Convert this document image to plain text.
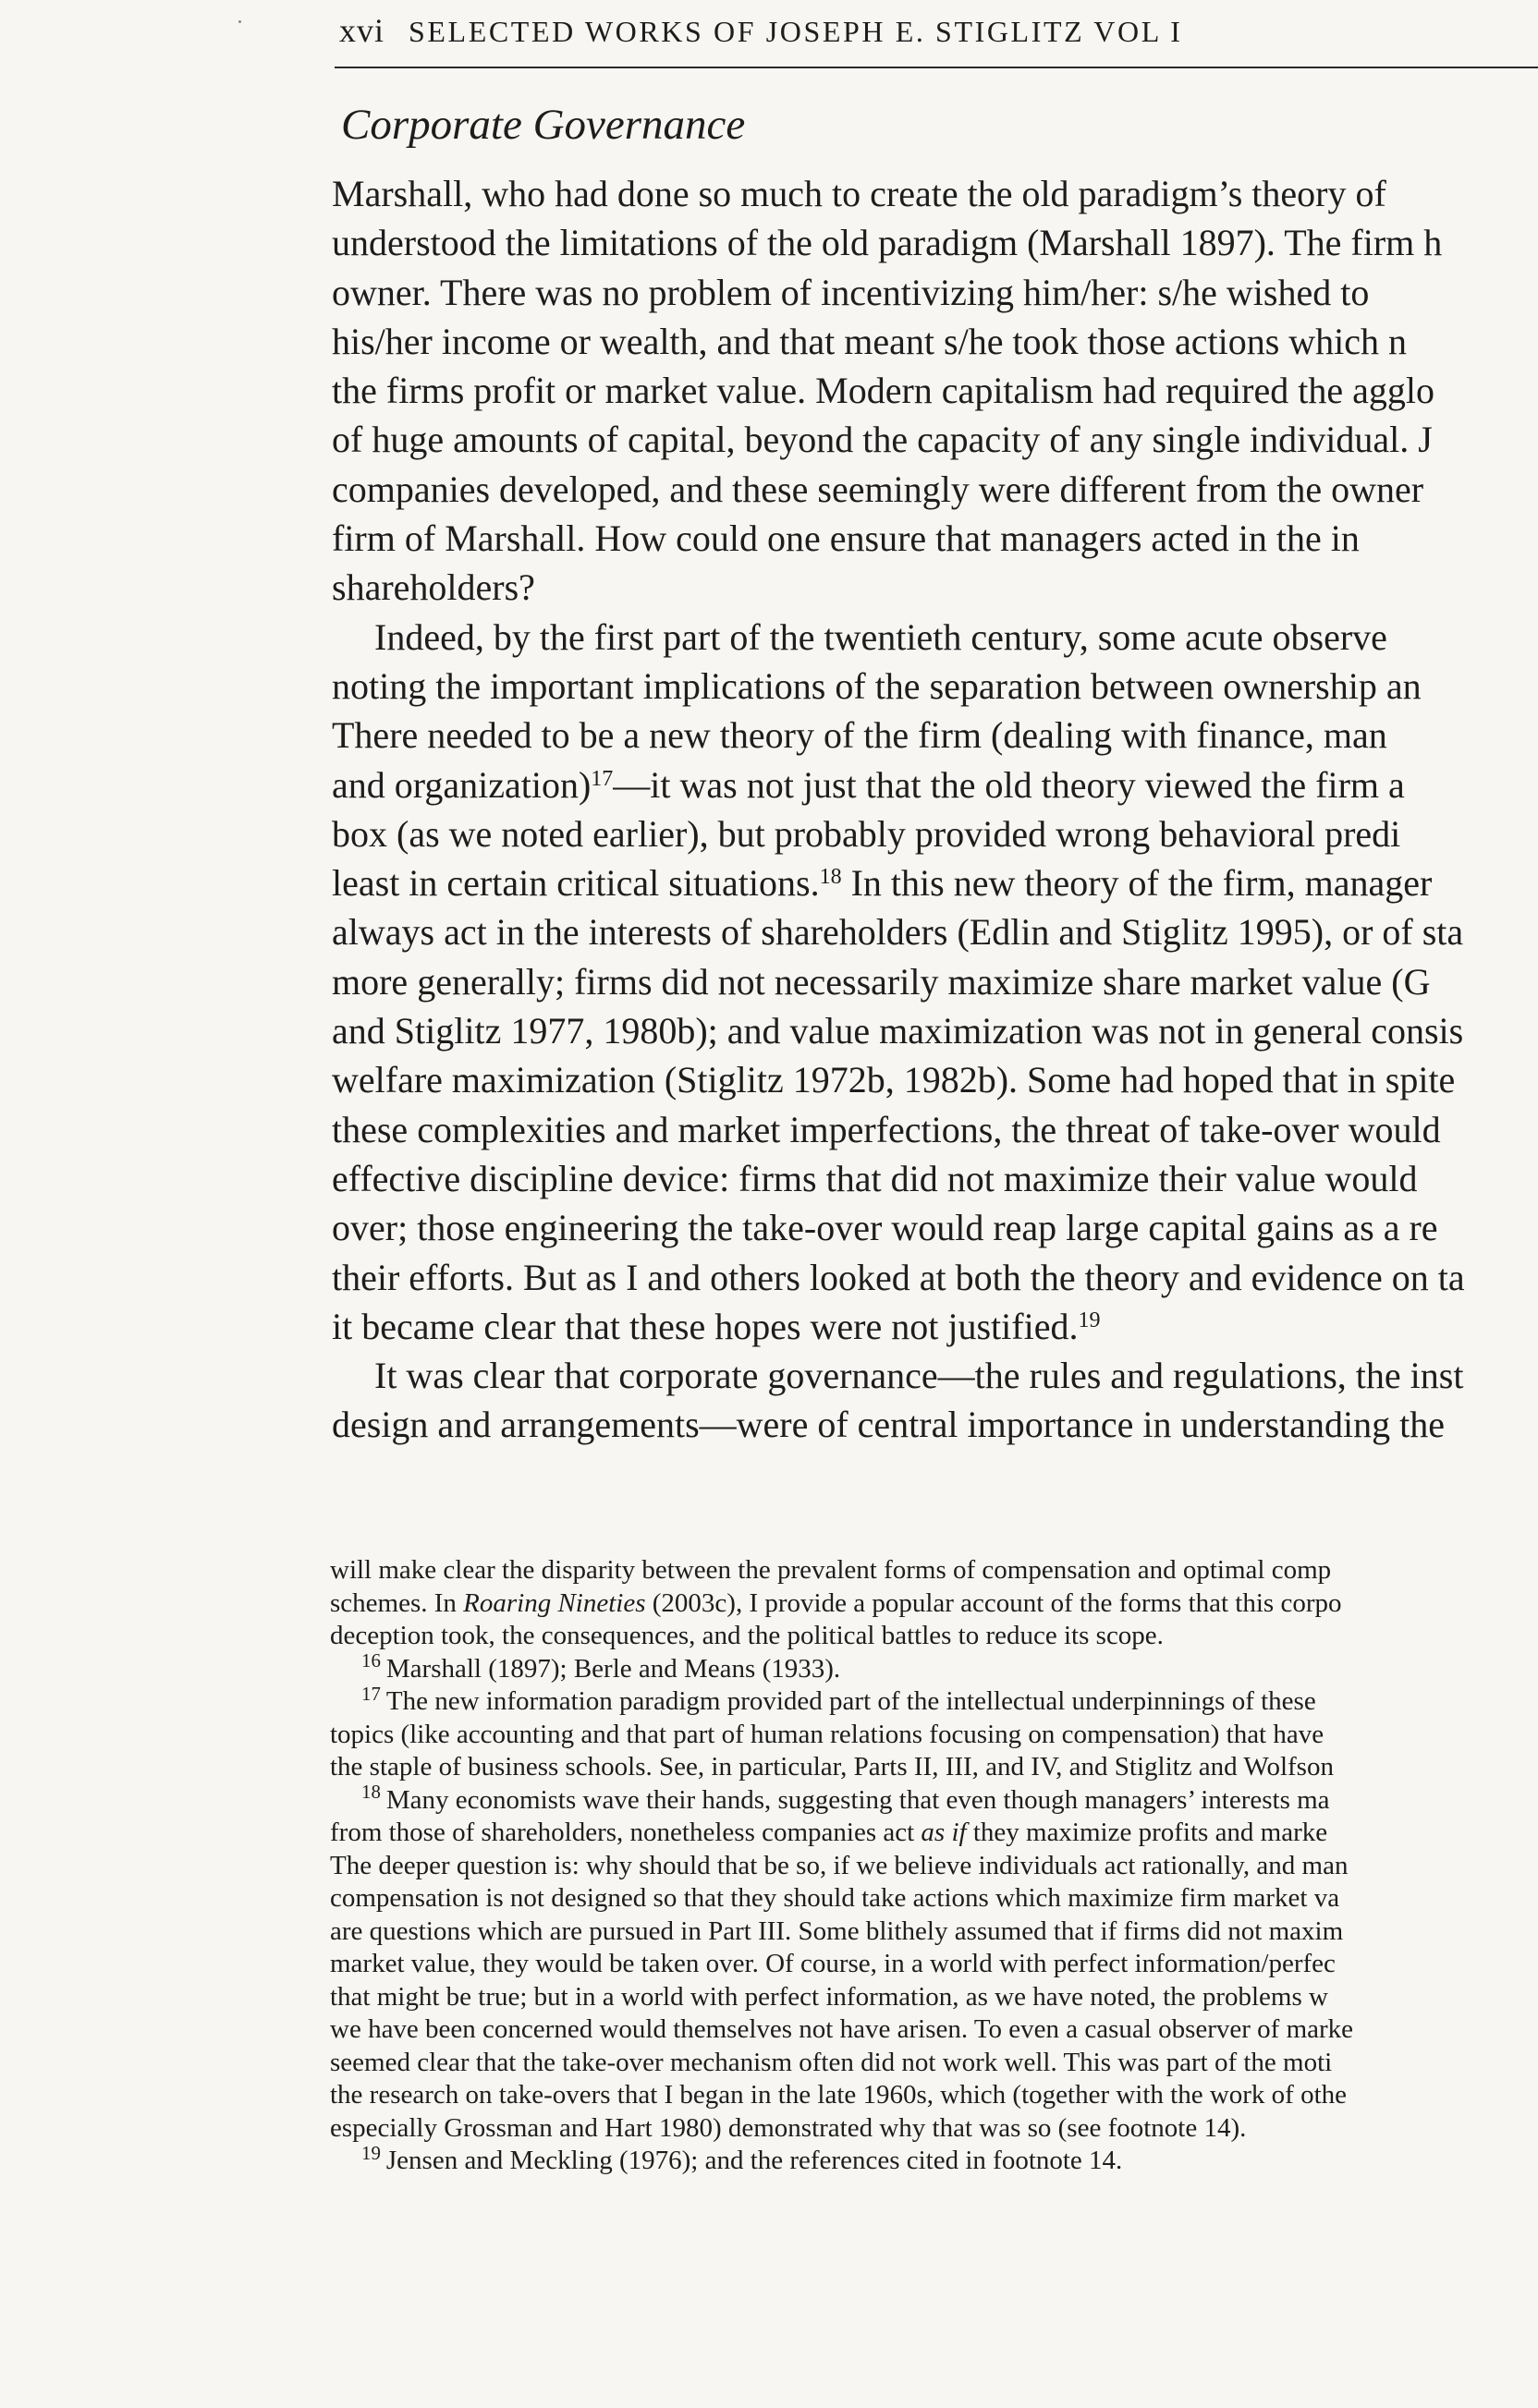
xvi SELECTED WORKS OF JOSEPH E. STIGLITZ VOL I
Corporate Governance
Marshall, who had done so much to create the old paradigm’s theory of
understood the limitations of the old paradigm (Marshall 1897). The firm h
owner. There was no problem of incentivizing him/her: s/he wished to
his/her income or wealth, and that meant s/he took those actions which n
the firms profit or market value. Modern capitalism had required the agglo
of huge amounts of capital, beyond the capacity of any single individual. J
companies developed, and these seemingly were different from the owner
firm of Marshall. How could one ensure that managers acted in the in
shareholders?
Indeed, by the first part of the twentieth century, some acute observe
noting the important implications of the separation between ownership an
There needed to be a new theory of the firm (dealing with finance, man
and organization)$^{17}$—it was not just that the old theory viewed the firm a
box (as we noted earlier), but probably provided wrong behavioral predi
least in certain critical situations.$^{18}$ In this new theory of the firm, manager
always act in the interests of shareholders (Edlin and Stiglitz 1995), or of sta
more generally; firms did not necessarily maximize share market value (G
and Stiglitz 1977, 1980b); and value maximization was not in general consis
welfare maximization (Stiglitz 1972b, 1982b). Some had hoped that in spite
these complexities and market imperfections, the threat of take-over would
effective discipline device: firms that did not maximize their value would
over; those engineering the take-over would reap large capital gains as a re
their efforts. But as I and others looked at both the theory and evidence on ta
it became clear that these hopes were not justified.$^{19}$
It was clear that corporate governance—the rules and regulations, the inst
design and arrangements—were of central importance in understanding the
will make clear the disparity between the prevalent forms of compensation and optimal comp
schemes. In Roaring Nineties (2003c), I provide a popular account of the forms that this corpo
deception took, the consequences, and the political battles to reduce its scope.
$^{16}$ Marshall (1897); Berle and Means (1933).
$^{17}$ The new information paradigm provided part of the intellectual underpinnings of these
topics (like accounting and that part of human relations focusing on compensation) that have
the staple of business schools. See, in particular, Parts II, III, and IV, and Stiglitz and Wolfson
$^{18}$ Many economists wave their hands, suggesting that even though managers’ interests ma
from those of shareholders, nonetheless companies act as if they maximize profits and marke
The deeper question is: why should that be so, if we believe individuals act rationally, and man
compensation is not designed so that they should take actions which maximize firm market va
are questions which are pursued in Part III. Some blithely assumed that if firms did not maxim
market value, they would be taken over. Of course, in a world with perfect information/perfec
that might be true; but in a world with perfect information, as we have noted, the problems w
we have been concerned would themselves not have arisen. To even a casual observer of marke
seemed clear that the take-over mechanism often did not work well. This was part of the moti
the research on take-overs that I began in the late 1960s, which (together with the work of othe
especially Grossman and Hart 1980) demonstrated why that was so (see footnote 14).
$^{19}$ Jensen and Meckling (1976); and the references cited in footnote 14.
